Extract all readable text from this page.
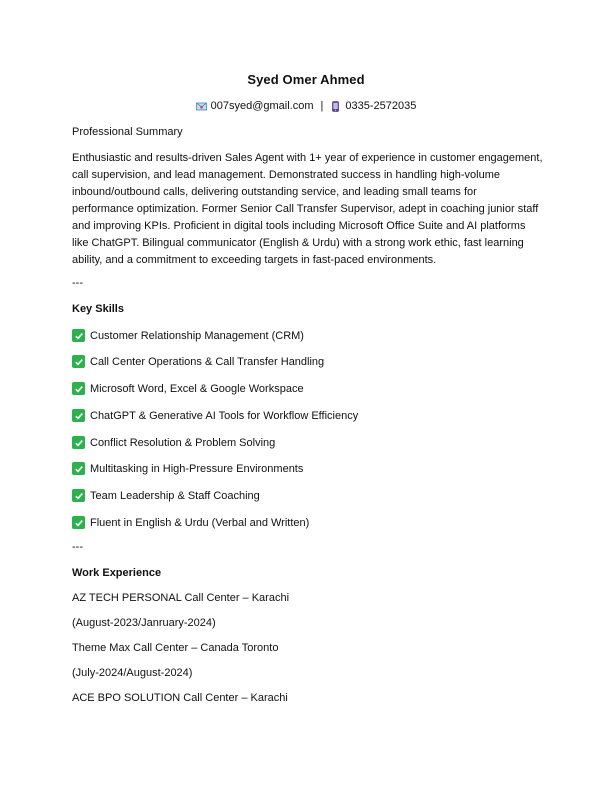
Syed Omer Ahmed
007syed@gmail.com | 0335-2572035
Professional Summary
Enthusiastic and results-driven Sales Agent with 1+ year of experience in customer engagement,
call supervision, and lead management. Demonstrated success in handling high-volume
inbound/outbound calls, delivering outstanding service, and leading small teams for
performance optimization. Former Senior Call Transfer Supervisor, adept in coaching junior staff
and improving KPIs. Proficient in digital tools including Microsoft Office Suite and AI platforms
like ChatGPT. Bilingual communicator (English & Urdu) with a strong work ethic, fast learning
ability, and a commitment to exceeding targets in fast-paced environments.
---
Key Skills
Customer Relationship Management (CRM)
Call Center Operations & Call Transfer Handling
Microsoft Word, Excel & Google Workspace
ChatGPT & Generative AI Tools for Workflow Efficiency
Conflict Resolution & Problem Solving
Multitasking in High-Pressure Environments
Team Leadership & Staff Coaching
Fluent in English & Urdu (Verbal and Written)
---
Work Experience
AZ TECH PERSONAL Call Center – Karachi
(August-2023/Janruary-2024)
Theme Max Call Center – Canada Toronto
(July-2024/August-2024)
ACE BPO SOLUTION Call Center – Karachi
